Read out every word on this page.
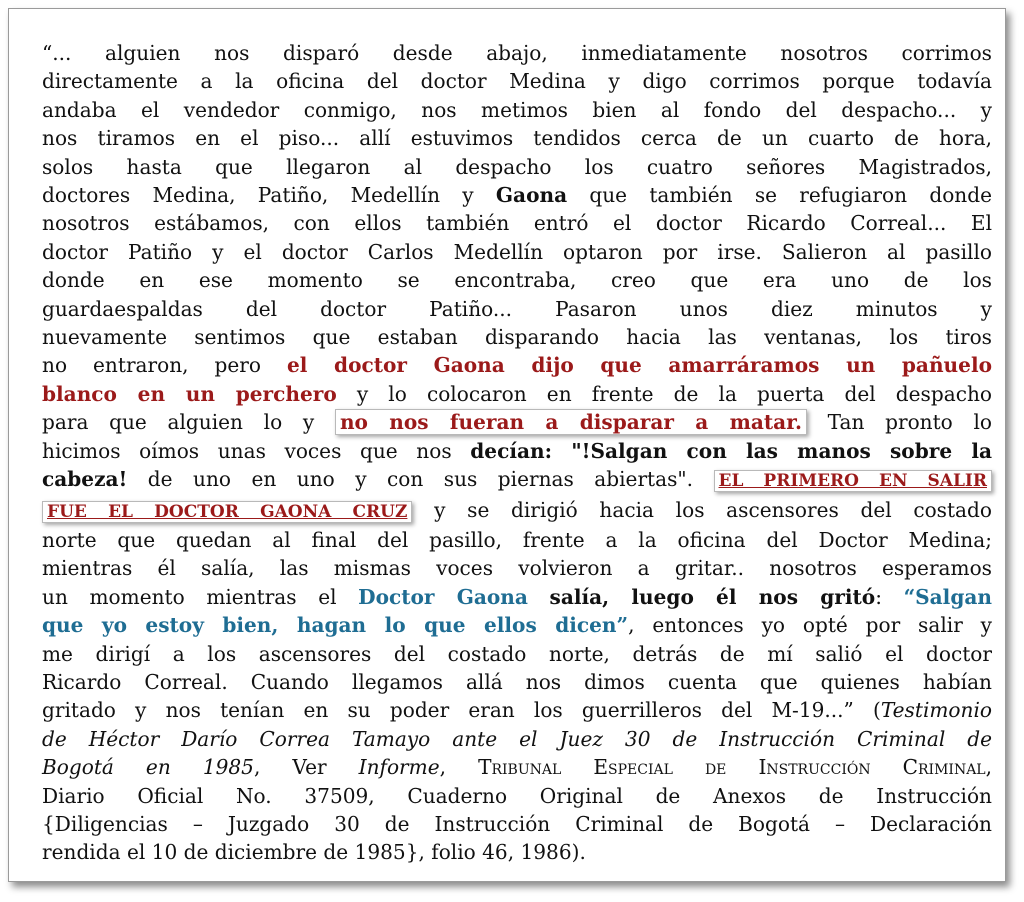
“... alguien nos disparó desde abajo, inmediatamente nosotros corrimos
directamente a la oficina del doctor Medina y digo corrimos porque todavía
andaba el vendedor conmigo, nos metimos bien al fondo del despacho... y
nos tiramos en el piso... allí estuvimos tendidos cerca de un cuarto de hora,
solos hasta que llegaron al despacho los cuatro señores Magistrados,
doctores Medina, Patiño, Medellín y Gaona que también se refugiaron donde
nosotros estábamos, con ellos también entró el doctor Ricardo Correal... El
doctor Patiño y el doctor Carlos Medellín optaron por irse. Salieron al pasillo
donde en ese momento se encontraba, creo que era uno de los
guardaespaldas del doctor Patiño... Pasaron unos diez minutos y
nuevamente sentimos que estaban disparando hacia las ventanas, los tiros
no entraron, pero el doctor Gaona dijo que amarráramos un pañuelo
blanco en un perchero y lo colocaron en frente de la puerta del despacho
para que alguien lo y no nos fueran a disparar a matar. Tan pronto lo
hicimos oímos unas voces que nos decían: "!Salgan con las manos sobre la
cabeza! de uno en uno y con sus piernas abiertas". EL PRIMERO EN SALIR
FUE EL DOCTOR GAONA CRUZ y se dirigió hacia los ascensores del costado
norte que quedan al final del pasillo, frente a la oficina del Doctor Medina;
mientras él salía, las mismas voces volvieron a gritar.. nosotros esperamos
un momento mientras el Doctor Gaona salía, luego él nos gritó: “Salgan
que yo estoy bien, hagan lo que ellos dicen”, entonces yo opté por salir y
me dirigí a los ascensores del costado norte, detrás de mí salió el doctor
Ricardo Correal. Cuando llegamos allá nos dimos cuenta que quienes habían
gritado y nos tenían en su poder eran los guerrilleros del M-19...” (Testimonio
de Héctor Darío Correa Tamayo ante el Juez 30 de Instrucción Criminal de
Bogotá en 1985, Ver Informe, Tribunal Especial de Instrucción Criminal,
Diario Oficial No. 37509, Cuaderno Original de Anexos de Instrucción
{Diligencias – Juzgado 30 de Instrucción Criminal de Bogotá – Declaración
rendida el 10 de diciembre de 1985}, folio 46, 1986).
